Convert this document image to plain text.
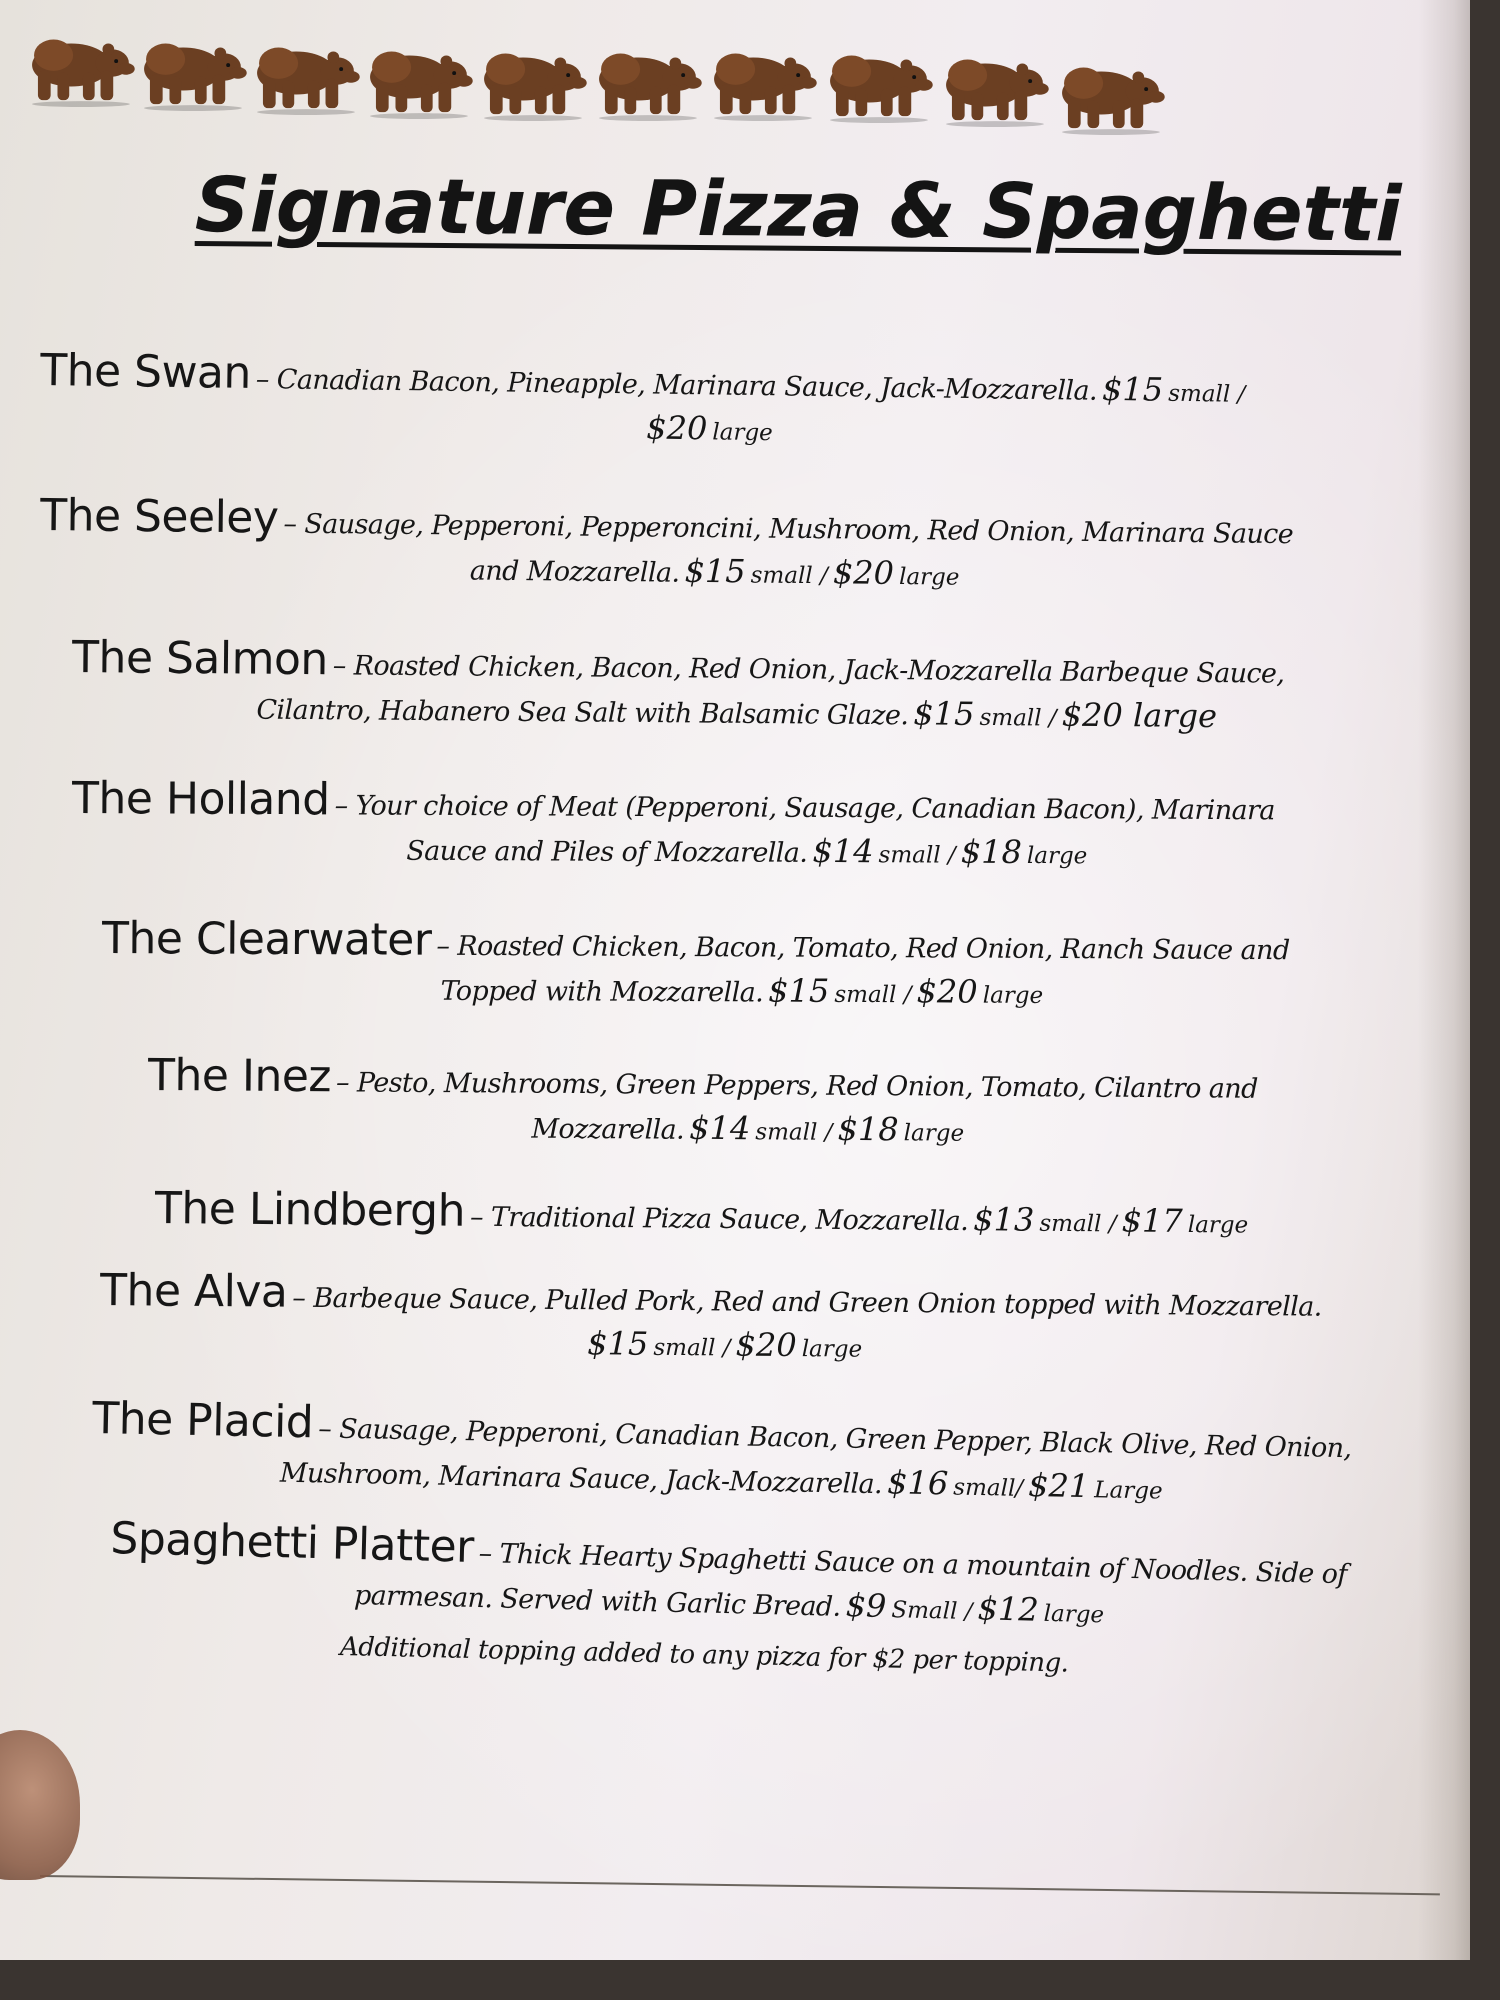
Signature Pizza & Spaghetti
The Swan – Canadian Bacon, Pineapple, Marinara Sauce, Jack-Mozzarella. $15 small /
$20 large
The Seeley – Sausage, Pepperoni, Pepperoncini, Mushroom, Red Onion, Marinara Sauce
and Mozzarella. $15 small / $20 large
The Salmon – Roasted Chicken, Bacon, Red Onion, Jack-Mozzarella Barbeque Sauce,
Cilantro, Habanero Sea Salt with Balsamic Glaze. $15 small / $20 large
The Holland – Your choice of Meat (Pepperoni, Sausage, Canadian Bacon), Marinara
Sauce and Piles of Mozzarella. $14 small / $18 large
The Clearwater – Roasted Chicken, Bacon, Tomato, Red Onion, Ranch Sauce and
Topped with Mozzarella. $15 small / $20 large
The Inez – Pesto, Mushrooms, Green Peppers, Red Onion, Tomato, Cilantro and
Mozzarella. $14 small / $18 large
The Lindbergh – Traditional Pizza Sauce, Mozzarella. $13 small / $17 large
The Alva – Barbeque Sauce, Pulled Pork, Red and Green Onion topped with Mozzarella.
$15 small / $20 large
The Placid – Sausage, Pepperoni, Canadian Bacon, Green Pepper, Black Olive, Red Onion,
Mushroom, Marinara Sauce, Jack-Mozzarella. $16 small/ $21 Large
Spaghetti Platter – Thick Hearty Spaghetti Sauce on a mountain of Noodles. Side of
parmesan. Served with Garlic Bread. $9 Small / $12 large
Additional topping added to any pizza for $2 per topping.
